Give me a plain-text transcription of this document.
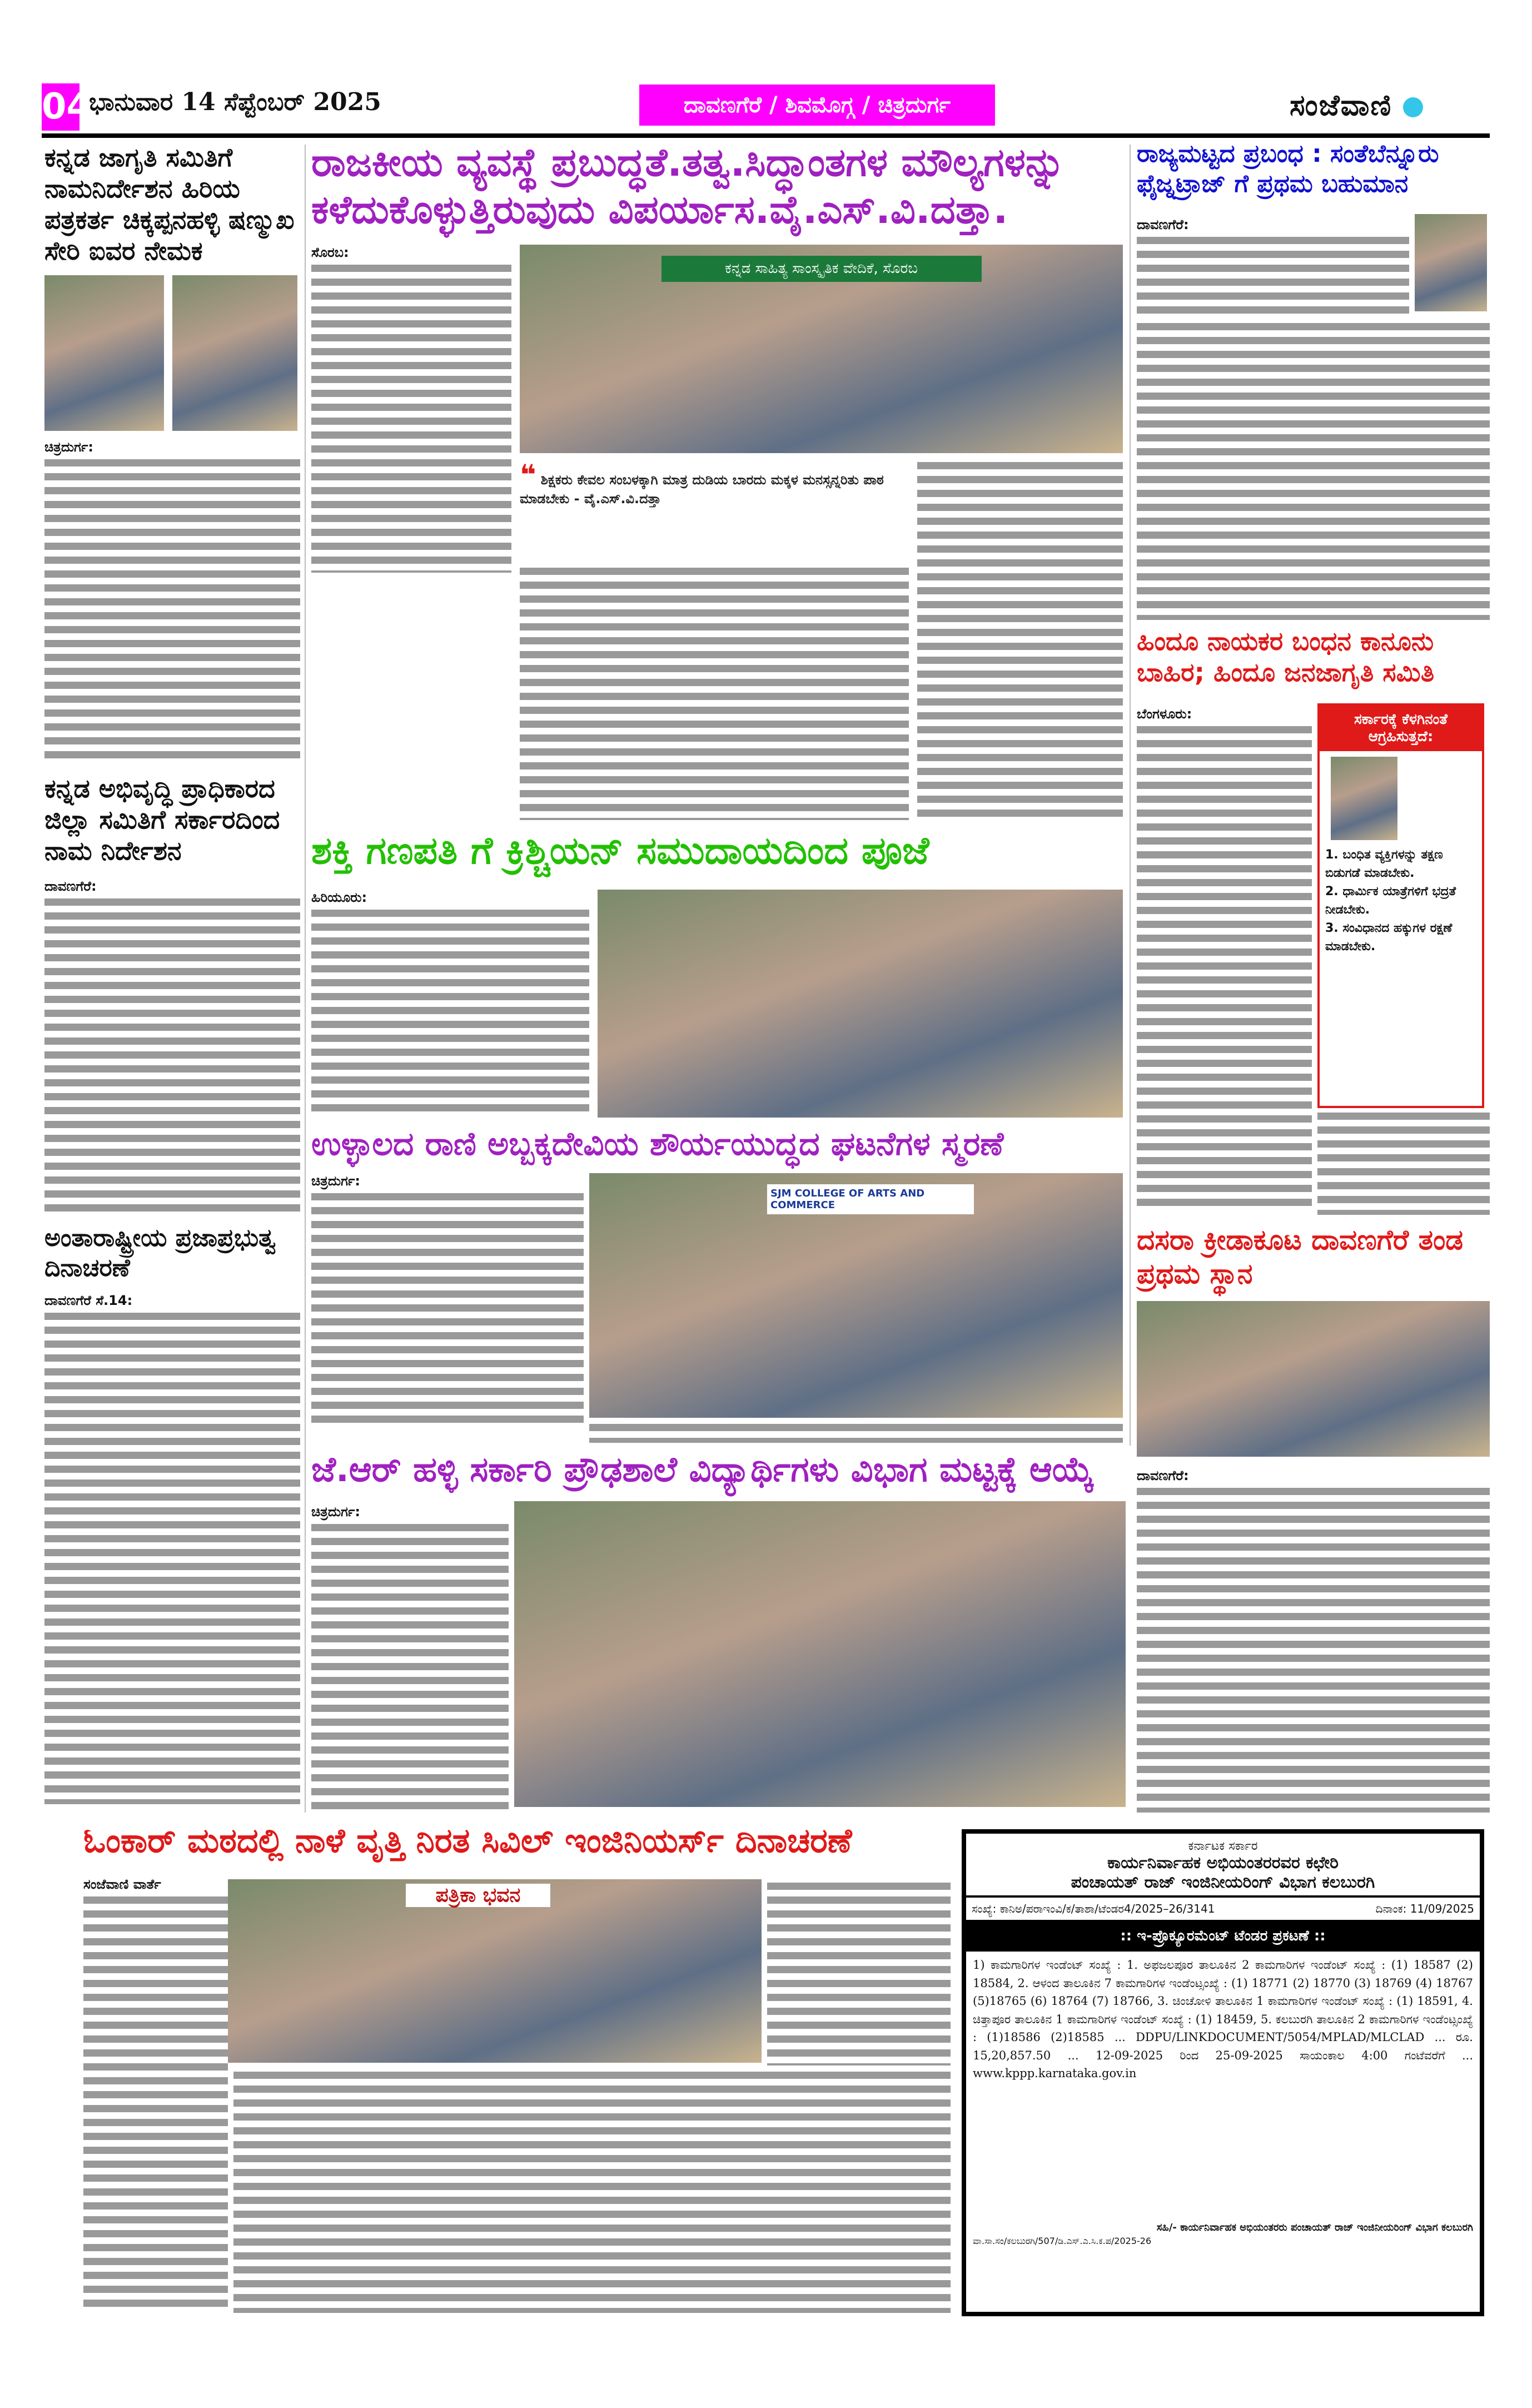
04
ಭಾನುವಾರ 14 ಸೆಪ್ಟೆಂಬರ್ 2025	ದಾವಣಗೆರೆ / ಶಿವಮೊಗ್ಗ / ಚಿತ್ರದುರ್ಗ	ಸಂಜೆವಾಣಿ
ಕನ್ನಡ ಜಾಗೃತಿ ಸಮಿತಿಗೆ ನಾಮನಿರ್ದೇಶನ ಹಿರಿಯ ಪತ್ರಕರ್ತ ಚಿಕ್ಕಪ್ಪನಹಳ್ಳಿ ಷಣ್ಮುಖ ಸೇರಿ ಐವರ ನೇಮಕ
ಚಿತ್ರದುರ್ಗ:
ಕನ್ನಡ ಅಭಿವೃದ್ಧಿ ಪ್ರಾಧಿಕಾರದ ಜಿಲ್ಲಾ ಸಮಿತಿಗೆ ಸರ್ಕಾರದಿಂದ ನಾಮ ನಿರ್ದೇಶನ
ದಾವಣಗೆರೆ:
ಅಂತಾರಾಷ್ಟ್ರೀಯ ಪ್ರಜಾಪ್ರಭುತ್ವ ದಿನಾಚರಣೆ
ದಾವಣಗೆರೆ ಸೆ.14:
ರಾಜಕೀಯ ವ್ಯವಸ್ಥೆ ಪ್ರಬುದ್ಧತೆ.ತತ್ವ.ಸಿದ್ಧಾಂತಗಳ ಮೌಲ್ಯಗಳನ್ನು ಕಳೆದುಕೊಳ್ಳುತ್ತಿರುವುದು ವಿಪರ್ಯಾಸ.ವೈ.ಎಸ್.ವಿ.ದತ್ತಾ.
ಸೊರಬ:
ಕನ್ನಡ ಸಾಹಿತ್ಯ ಸಾಂಸ್ಕೃತಿಕ ವೇದಿಕೆ, ಸೊರಬ
❝ ಶಿಕ್ಷಕರು ಕೇವಲ ಸಂಬಳಕ್ಕಾಗಿ ಮಾತ್ರ ದುಡಿಯ ಬಾರದು ಮಕ್ಕಳ ಮನಸ್ಸನ್ನರಿತು ಪಾಠ ಮಾಡಬೇಕು - ವೈ.ಎಸ್.ವಿ.ದತ್ತಾ
ಶಕ್ತಿ ಗಣಪತಿ ಗೆ ಕ್ರಿಶ್ಚಿಯನ್ ಸಮುದಾಯದಿಂದ ಪೂಜೆ
ಹಿರಿಯೂರು:
ಉಳ್ಳಾಲದ ರಾಣಿ ಅಬ್ಬಕ್ಕದೇವಿಯ ಶೌರ್ಯಯುದ್ಧದ ಘಟನೆಗಳ ಸ್ಮರಣೆ
ಚಿತ್ರದುರ್ಗ:
SJM COLLEGE OF ARTS AND COMMERCE
ಜೆ.ಆರ್ ಹಳ್ಳಿ ಸರ್ಕಾರಿ ಪ್ರೌಢಶಾಲೆ ವಿದ್ಯಾರ್ಥಿಗಳು ವಿಭಾಗ ಮಟ್ಟಕ್ಕೆ ಆಯ್ಕೆ
ಚಿತ್ರದುರ್ಗ:
ರಾಜ್ಯಮಟ್ಟದ ಪ್ರಬಂಧ : ಸಂತೆಬೆನ್ನೂರು ಫೈಜ್ನಟ್ರಾಜ್ ಗೆ ಪ್ರಥಮ ಬಹುಮಾನ
ದಾವಣಗೆರೆ:
ಹಿಂದೂ ನಾಯಕರ ಬಂಧನ ಕಾನೂನು ಬಾಹಿರ; ಹಿಂದೂ ಜನಜಾಗೃತಿ ಸಮಿತಿ
ಬೆಂಗಳೂರು:	ಸರ್ಕಾರಕ್ಕೆ ಕೆಳಗಿನಂತೆ ಆಗ್ರಹಿಸುತ್ತದೆ:
1. ಬಂಧಿತ ವ್ಯಕ್ತಿಗಳನ್ನು ತಕ್ಷಣ ಬಿಡುಗಡೆ ಮಾಡಬೇಕು.
2. ಧಾರ್ಮಿಕ ಯಾತ್ರೆಗಳಿಗೆ ಭದ್ರತೆ ನೀಡಬೇಕು.
3. ಸಂವಿಧಾನದ ಹಕ್ಕುಗಳ ರಕ್ಷಣೆ ಮಾಡಬೇಕು.
ದಸರಾ ಕ್ರೀಡಾಕೂಟ ದಾವಣಗೆರೆ ತಂಡ ಪ್ರಥಮ ಸ್ಥಾನ
ದಾವಣಗೆರೆ:
ಓಂಕಾರ್ ಮಠದಲ್ಲಿ ನಾಳೆ ವೃತ್ತಿ ನಿರತ ಸಿವಿಲ್ ಇಂಜಿನಿಯರ್ಸ್ ದಿನಾಚರಣೆ
ಸಂಜೆವಾಣಿ ವಾರ್ತೆ	ಪತ್ರಿಕಾ ಭವನ
ಕರ್ನಾಟಕ ಸರ್ಕಾರ
ಕಾರ್ಯನಿರ್ವಾಹಕ ಅಭಿಯಂತರರವರ ಕಛೇರಿ
ಪಂಚಾಯತ್ ರಾಜ್ ಇಂಜಿನೀಯರಿಂಗ್ ವಿಭಾಗ ಕಲಬುರಗಿ
ಸಂಖ್ಯೆ: ಕಾನಿಅ/ಪರಾಇಂವಿ/ಕ/ತಾಶಾ/ಟೆಂಡರ4/2025–26/3141	ದಿನಾಂಕ: 11/09/2025
:: ಇ-ಪ್ರೊಕ್ಯೂರಮೆಂಟ್ ಟೆಂಡರ ಪ್ರಕಟಣೆ ::
1) ಕಾಮಗಾರಿಗಳ ಇಂಡೆಂಟ್ ಸಂಖ್ಯೆ : 1. ಅಫಜಲಪೂರ ತಾಲೂಕಿನ 2 ಕಾಮಗಾರಿಗಳ ಇಂಡೆಂಟ್ ಸಂಖ್ಯೆ : (1) 18587 (2) 18584, 2. ಆಳಂದ ತಾಲೂಕಿನ 7 ಕಾಮಗಾರಿಗಳ ಇಂಡೆಂಟ್ಸಂಖ್ಯೆ : (1) 18771 (2) 18770 (3) 18769 (4) 18767 (5)18765 (6) 18764 (7) 18766, 3. ಚಿಂಚೋಳಿ ತಾಲೂಕಿನ 1 ಕಾಮಗಾರಿಗಳ ಇಂಡೆಂಟ್ ಸಂಖ್ಯೆ : (1) 18591, 4. ಚಿತ್ತಾಪೂರ ತಾಲೂಕಿನ 1 ಕಾಮಗಾರಿಗಳ ಇಂಡೆಂಟ್ ಸಂಖ್ಯೆ : (1) 18459, 5. ಕಲಬುರಗಿ ತಾಲೂಕಿನ 2 ಕಾಮಗಾರಿಗಳ ಇಂಡೆಂಟ್ಸಂಖ್ಯೆ : (1)18586 (2)18585 ... DDPU/LINKDOCUMENT/5054/MPLAD/MLCLAD ... ರೂ. 15,20,857.50 ... 12-09-2025 ರಿಂದ 25-09-2025 ಸಾಯಂಕಾಲ 4:00 ಗಂಟೆವರೆಗೆ ... www.kppp.karnataka.gov.in
ಸಹಿ/- ಕಾರ್ಯನಿರ್ವಾಹಕ ಅಭಿಯಂತರರು ಪಂಚಾಯತ್ ರಾಜ್ ಇಂಜಿನೀಯರಿಂಗ್ ವಿಭಾಗ ಕಲಬುರಗಿ
ವಾ.ಸಾ.ಸಂ/ಕಲಬುರಗಿ/507/ಡಿ.ಎಸ್.ಎ.ಸಿ.ಕ.ಪ/2025-26
